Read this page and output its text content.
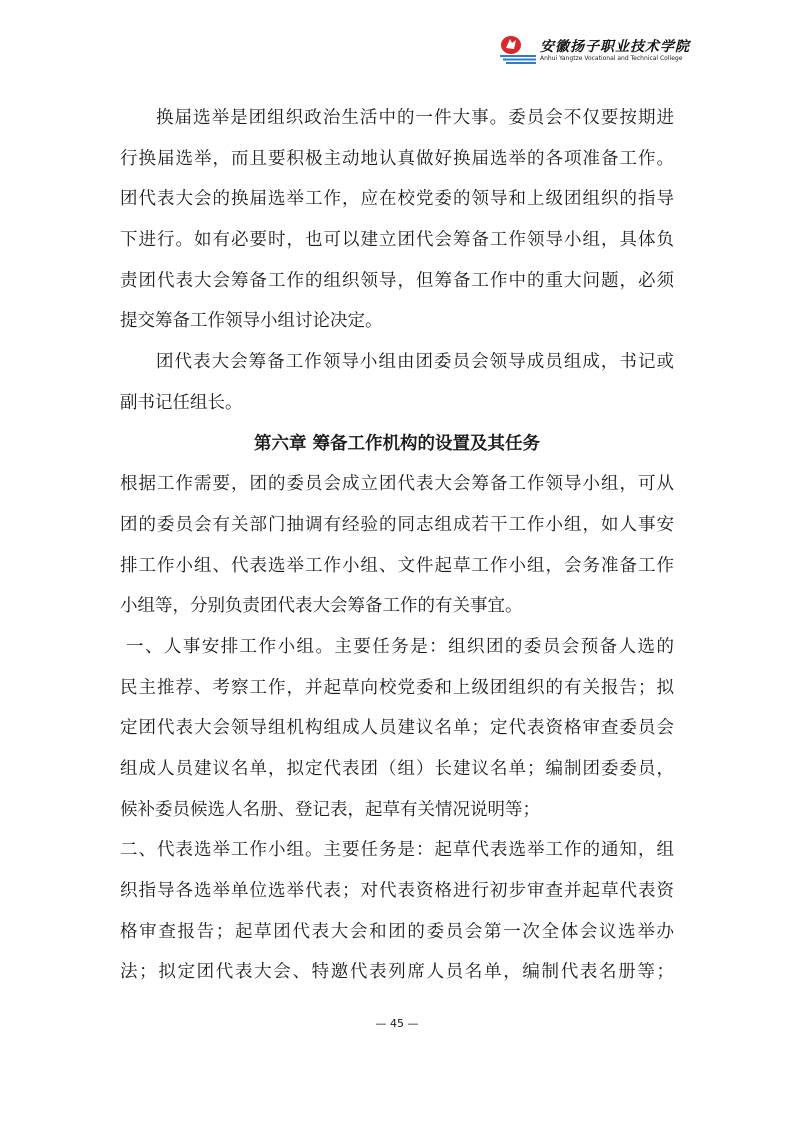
安徽扬子职业技术学院
Anhui Yangtze Vocational and Technical College
换届选举是团组织政治生活中的一件大事。委员会不仅要按期进
行换届选举，而且要积极主动地认真做好换届选举的各项准备工作。
团代表大会的换届选举工作，应在校党委的领导和上级团组织的指导
下进行。如有必要时，也可以建立团代会筹备工作领导小组，具体负
责团代表大会筹备工作的组织领导，但筹备工作中的重大问题，必须
提交筹备工作领导小组讨论决定。
团代表大会筹备工作领导小组由团委员会领导成员组成，书记或
副书记任组长。
第六章 筹备工作机构的设置及其任务
根据工作需要，团的委员会成立团代表大会筹备工作领导小组，可从
团的委员会有关部门抽调有经验的同志组成若干工作小组，如人事安
排工作小组、代表选举工作小组、文件起草工作小组，会务准备工作
小组等，分别负责团代表大会筹备工作的有关事宜。
一、人事安排工作小组。主要任务是：组织团的委员会预备人选的
民主推荐、考察工作，并起草向校党委和上级团组织的有关报告；拟
定团代表大会领导组机构组成人员建议名单；定代表资格审查委员会
组成人员建议名单，拟定代表团（组）长建议名单；编制团委委员，
候补委员候选人名册、登记表，起草有关情况说明等；
二、代表选举工作小组。主要任务是：起草代表选举工作的通知，组
织指导各选举单位选举代表；对代表资格进行初步审查并起草代表资
格审查报告；起草团代表大会和团的委员会第一次全体会议选举办
法；拟定团代表大会、特邀代表列席人员名单，编制代表名册等；
— 45 —
